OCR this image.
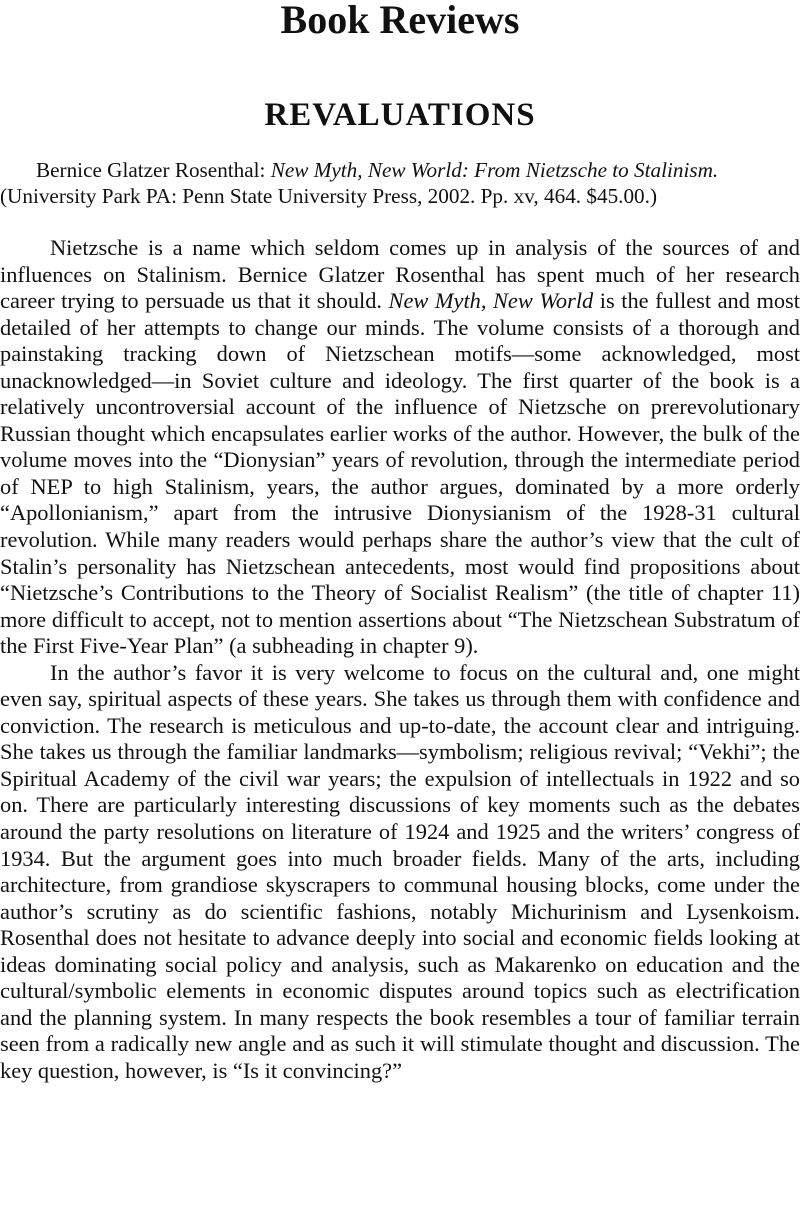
Book Reviews
REVALUATIONS

Bernice Glatzer Rosenthal: New Myth, New World: From Nietzsche to Stalinism. (University Park PA: Penn State University Press, 2002. Pp. xv, 464. $45.00.)

Nietzsche is a name which seldom comes up in analysis of the sources of and influences on Stalinism. Bernice Glatzer Rosenthal has spent much of her research career trying to persuade us that it should. New Myth, New World is the fullest and most detailed of her attempts to change our minds. The volume consists of a thorough and painstaking tracking down of Nietzschean motifs—some acknowledged, most unacknowledged—in Soviet culture and ideology. The first quarter of the book is a relatively uncontroversial account of the influence of Nietzsche on prerevolutionary Russian thought which encapsulates earlier works of the author. However, the bulk of the volume moves into the “Dionysian” years of revolution, through the intermediate period of NEP to high Stalinism, years, the author argues, dominated by a more orderly “Apollonianism,” apart from the intrusive Dionysianism of the 1928-31 cultural revolution. While many readers would perhaps share the author’s view that the cult of Stalin’s personality has Nietzschean antecedents, most would find propositions about “Nietzsche’s Contributions to the Theory of Socialist Realism” (the title of chapter 11) more difficult to accept, not to mention assertions about “The Nietzschean Substratum of the First Five-Year Plan” (a subheading in chapter 9).

In the author’s favor it is very welcome to focus on the cultural and, one might even say, spiritual aspects of these years. She takes us through them with confidence and conviction. The research is meticulous and up-to-date, the account clear and intriguing. She takes us through the familiar landmarks—symbolism; religious revival; “Vekhi”; the Spiritual Academy of the civil war years; the expulsion of intellectuals in 1922 and so on. There are particularly interesting discussions of key moments such as the debates around the party resolutions on literature of 1924 and 1925 and the writers’ congress of 1934. But the argument goes into much broader fields. Many of the arts, including architecture, from grandiose skyscrapers to communal housing blocks, come under the author’s scrutiny as do scientific fashions, notably Michurinism and Lysenkoism. Rosenthal does not hesitate to advance deeply into social and economic fields looking at ideas dominating social policy and analysis, such as Makarenko on education and the cultural/symbolic elements in economic disputes around topics such as electrification and the planning system. In many respects the book resembles a tour of familiar terrain seen from a radically new angle and as such it will stimulate thought and discussion. The key question, however, is “Is it convincing?”
